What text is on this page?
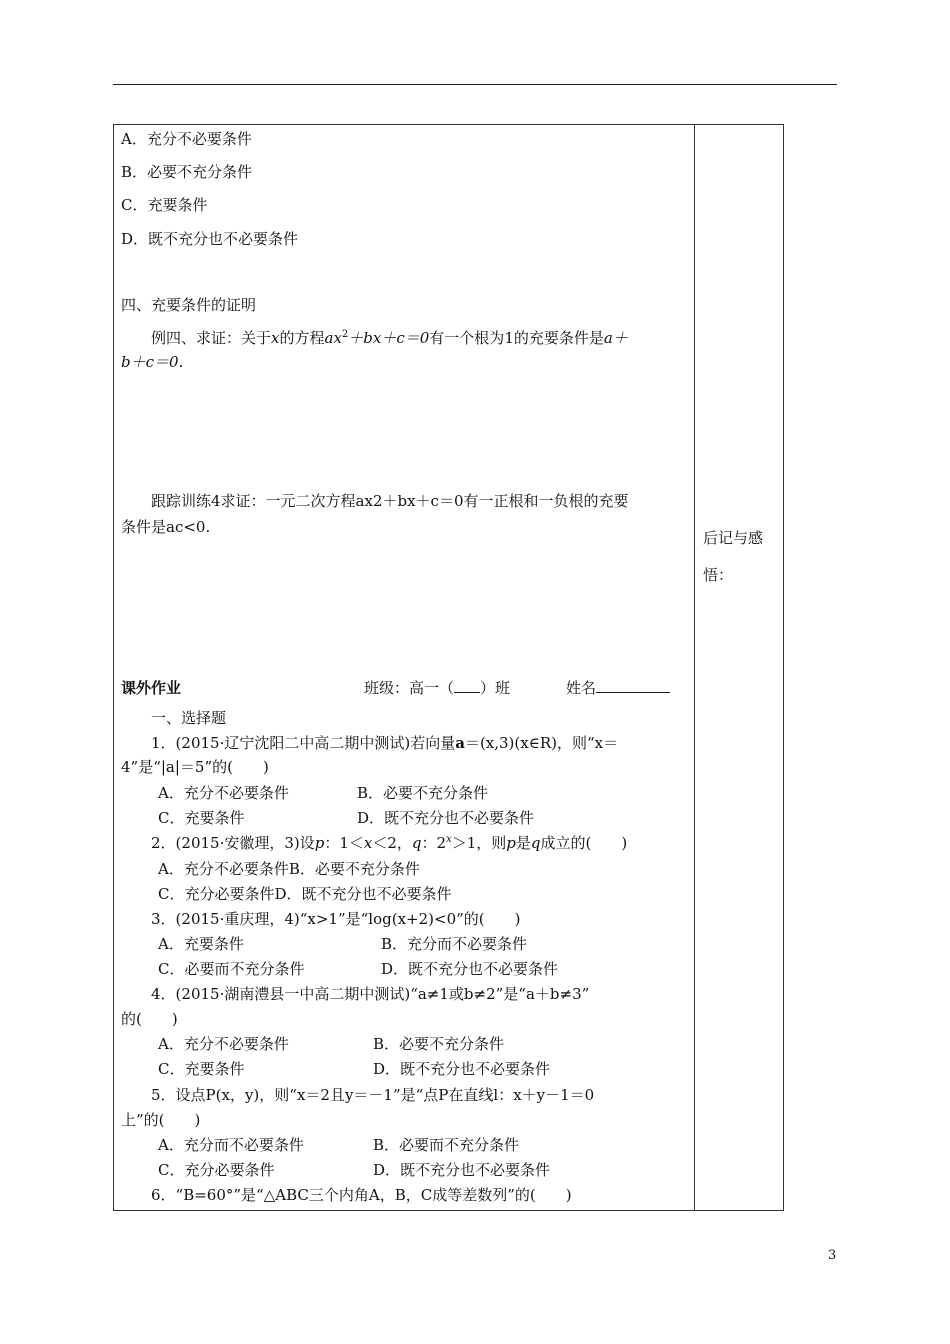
A．充分不必要条件
B．必要不充分条件
C．充要条件
D．既不充分也不必要条件
四、充要条件的证明
例四、求证：关于x的方程$ax^2+bx+c=0$有一个根为1的充要条件是a＋
b＋c＝0.
跟踪训练4求证：一元二次方程ax2＋bx＋c＝0有一正根和一负根的充要
条件是ac<0.
后记与感
悟：
课外作业	班级：高一（ ）班	姓名
一、选择题
1．(2015·辽宁沈阳二中高二期中测试)若向量a＝(x,3)(x∈R)，则“x＝
4”是“|a|＝5”的(　　)
A．充分不必要条件	B．必要不充分条件
C．充要条件	D．既不充分也不必要条件
2．(2015·安徽理，3)设p：1＜x＜2，q：$2^x>1$，则p是q成立的(　　)
A．充分不必要条件B．必要不充分条件
C．充分必要条件D．既不充分也不必要条件
3．(2015·重庆理，4)“x>1”是“log(x+2)<0”的(　　)
A．充要条件	B．充分而不必要条件
C．必要而不充分条件	D．既不充分也不必要条件
4．(2015·湖南澧县一中高二期中测试)“a≠1或b≠2”是“a＋b≠3”
的(　　)
A．充分不必要条件	B．必要不充分条件
C．充要条件	D．既不充分也不必要条件
5．设点P(x，y)，则“x＝2且y＝－1”是“点P在直线l：x＋y－1＝0
上”的(　　)
A．充分而不必要条件	B．必要而不充分条件
C．充分必要条件	D．既不充分也不必要条件
6．“B=60°”是“△ABC三个内角A，B，C成等差数列”的(　　)
3
